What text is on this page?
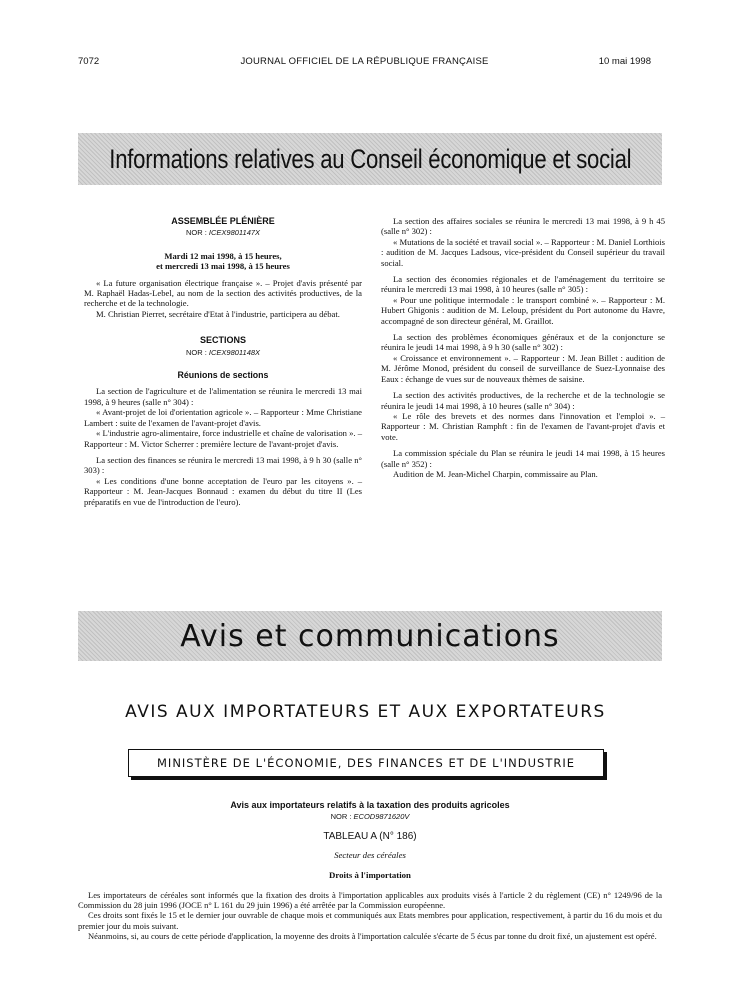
7072	JOURNAL OFFICIEL DE LA RÉPUBLIQUE FRANÇAISE	10 mai 1998
Informations relatives au Conseil économique et social

ASSEMBLÉE PLÉNIÈRE

NOR : ICEX9801147X

Mardi 12 mai 1998, à 15 heures,

et mercredi 13 mai 1998, à 15 heures

« La future organisation électrique française ». – Projet d'avis présenté par M. Raphaël Hadas-Lebel, au nom de la section des activités productives, de la recherche et de la technologie.

M. Christian Pierret, secrétaire d'Etat à l'industrie, participera au débat.

SECTIONS

NOR : ICEX9801148X

Réunions de sections

La section de l'agriculture et de l'alimentation se réunira le mercredi 13 mai 1998, à 9 heures (salle n° 304) :

« Avant-projet de loi d'orientation agricole ». – Rapporteur : Mme Christiane Lambert : suite de l'examen de l'avant-projet d'avis.

« L'industrie agro-alimentaire, force industrielle et chaîne de valorisation ». – Rapporteur : M. Victor Scherrer : première lecture de l'avant-projet d'avis.

La section des finances se réunira le mercredi 13 mai 1998, à 9 h 30 (salle n° 303) :

« Les conditions d'une bonne acceptation de l'euro par les citoyens ». – Rapporteur : M. Jean-Jacques Bonnaud : examen du début du titre II (Les préparatifs en vue de l'introduction de l'euro).

La section des affaires sociales se réunira le mercredi 13 mai 1998, à 9 h 45 (salle n° 302) :

« Mutations de la société et travail social ». – Rapporteur : M. Daniel Lorthiois : audition de M. Jacques Ladsous, vice-président du Conseil supérieur du travail social.

La section des économies régionales et de l'aménagement du territoire se réunira le mercredi 13 mai 1998, à 10 heures (salle n° 305) :

« Pour une politique intermodale : le transport combiné ». – Rapporteur : M. Hubert Ghigonis : audition de M. Leloup, président du Port autonome du Havre, accompagné de son directeur général, M. Graillot.

La section des problèmes économiques généraux et de la conjoncture se réunira le jeudi 14 mai 1998, à 9 h 30 (salle n° 302) :

« Croissance et environnement ». – Rapporteur : M. Jean Billet : audition de M. Jérôme Monod, président du conseil de surveillance de Suez-Lyonnaise des Eaux : échange de vues sur de nouveaux thèmes de saisine.

La section des activités productives, de la recherche et de la technologie se réunira le jeudi 14 mai 1998, à 10 heures (salle n° 304) :

« Le rôle des brevets et des normes dans l'innovation et l'emploi ». – Rapporteur : M. Christian Ramphft : fin de l'examen de l'avant-projet d'avis et vote.

La commission spéciale du Plan se réunira le jeudi 14 mai 1998, à 15 heures (salle n° 352) :

Audition de M. Jean-Michel Charpin, commissaire au Plan.

Avis et communications
AVIS AUX IMPORTATEURS ET AUX EXPORTATEURS
MINISTÈRE DE L'ÉCONOMIE, DES FINANCES ET DE L'INDUSTRIE

Avis aux importateurs relatifs à la taxation des produits agricoles

NOR : ECOD9871620V

TABLEAU A (N° 186)

Secteur des céréales

Droits à l'importation

Les importateurs de céréales sont informés que la fixation des droits à l'importation applicables aux produits visés à l'article 2 du règlement (CE) n° 1249/96 de la Commission du 28 juin 1996 (JOCE n° L 161 du 29 juin 1996) a été arrêtée par la Commission européenne.

Ces droits sont fixés le 15 et le dernier jour ouvrable de chaque mois et communiqués aux Etats membres pour application, respectivement, à partir du 16 du mois et du premier jour du mois suivant.

Néanmoins, si, au cours de cette période d'application, la moyenne des droits à l'importation calculée s'écarte de 5 écus par tonne du droit fixé, un ajustement est opéré.
